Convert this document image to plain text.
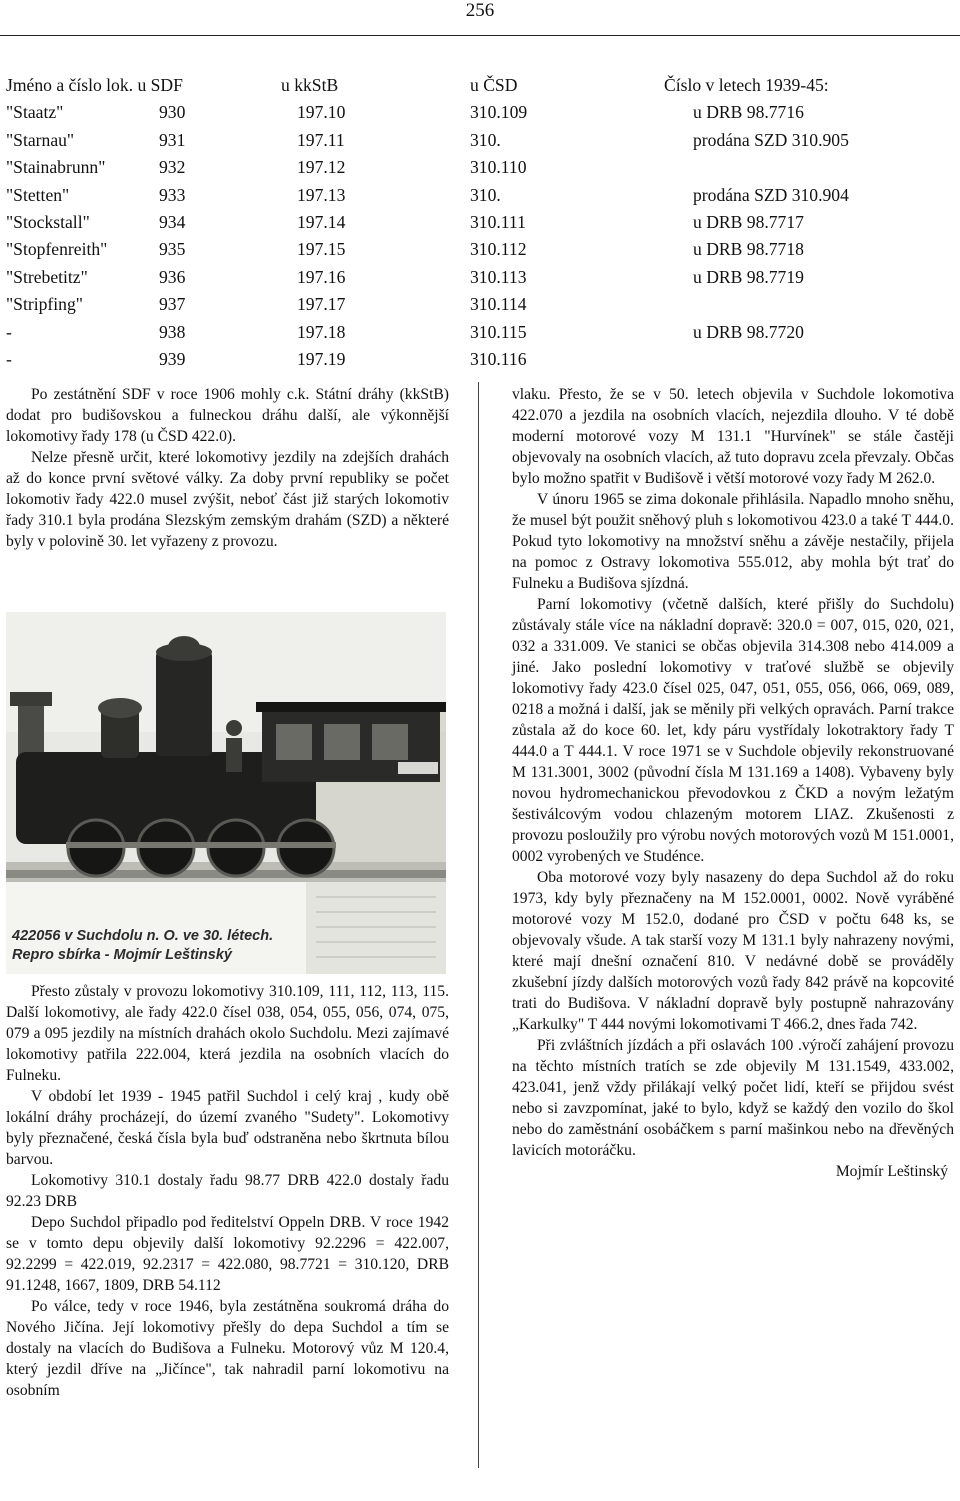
256
Jméno a číslo lok. u SDF	u kkStB	u ČSD	Číslo v letech 1939-45:
"Staatz"	930	197.10	310.109	u DRB 98.7716
"Starnau"	931	197.11	310.	prodána SZD 310.905
"Stainabrunn"	932	197.12	310.110
"Stetten"	933	197.13	310.	prodána SZD 310.904
"Stockstall"	934	197.14	310.111	u DRB 98.7717
"Stopfenreith"	935	197.15	310.112	u DRB 98.7718
"Strebetitz"	936	197.16	310.113	u DRB 98.7719
"Stripfing"	937	197.17	310.114
-	938	197.18	310.115	u DRB 98.7720
-	939	197.19	310.116

Po zestátnění SDF v roce 1906 mohly c.k. Státní dráhy (kkStB) dodat pro budišovskou a fulneckou dráhu další, ale výkonnější lokomotivy řady 178 (u ČSD 422.0).

Nelze přesně určit, které lokomotivy jezdily na zdejších drahách až do konce první světové války. Za doby první republiky se počet lokomotiv řady 422.0 musel zvýšit, neboť část již starých lokomotiv řady 310.1 byla prodána Slezským zemským drahám (SZD) a některé byly v polovině 30. let vyřazeny z provozu.

422056 v Suchdolu n. O. ve 30. létech.
Repro sbírka - Mojmír Leštinský

Přesto zůstaly v provozu lokomotivy 310.109, 111, 112, 113, 115. Další lokomotivy, ale řady 422.0 čísel 038, 054, 055, 056, 074, 075, 079 a 095 jezdily na místních drahách okolo Suchdolu. Mezi zajímavé lokomotivy patřila 222.004, která jezdila na osobních vlacích do Fulneku.

V období let 1939 - 1945 patřil Suchdol i celý kraj , kudy obě lokální dráhy procházejí, do území zvaného "Sudety". Lokomotivy byly přeznačené, česká čísla byla buď odstraněna nebo škrtnuta bílou barvou.

Lokomotivy 310.1 dostaly řadu 98.77 DRB 422.0 dostaly řadu 92.23 DRB

Depo Suchdol připadlo pod ředitelství Oppeln DRB. V roce 1942 se v tomto depu objevily další lokomotivy 92.2296 = 422.007, 92.2299 = 422.019, 92.2317 = 422.080, 98.7721 = 310.120, DRB 91.1248, 1667, 1809, DRB 54.112

Po válce, tedy v roce 1946, byla zestátněna soukromá dráha do Nového Jičína. Její lokomotivy přešly do depa Suchdol a tím se dostaly na vlacích do Budišova a Fulneku. Motorový vůz M 120.4, který jezdil dříve na „Jičínce", tak nahradil parní lokomotivu na osobním

vlaku. Přesto, že se v 50. letech objevila v Suchdole lokomotiva 422.070 a jezdila na osobních vlacích, nejezdila dlouho. V té době moderní motorové vozy M 131.1 "Hurvínek" se stále častěji objevovaly na osobních vlacích, až tuto dopravu zcela převzaly. Občas bylo možno spatřit v Budišově i větší motorové vozy řady M 262.0.

V únoru 1965 se zima dokonale přihlásila. Napadlo mnoho sněhu, že musel být použit sněhový pluh s lokomotivou 423.0 a také T 444.0. Pokud tyto lokomotivy na množství sněhu a závěje nestačily, přijela na pomoc z Ostravy lokomotiva 555.012, aby mohla být trať do Fulneku a Budišova sjízdná.

Parní lokomotivy (včetně dalších, které přišly do Suchdolu) zůstávaly stále více na nákladní dopravě: 320.0 = 007, 015, 020, 021, 032 a 331.009. Ve stanici se občas objevila 314.308 nebo 414.009 a jiné. Jako poslední lokomotivy v traťové službě se objevily lokomotivy řady 423.0 čísel 025, 047, 051, 055, 056, 066, 069, 089, 0218 a možná i další, jak se měnily při velkých opravách. Parní trakce zůstala až do koce 60. let, kdy páru vystřídaly lokotraktory řady T 444.0 a T 444.1. V roce 1971 se v Suchdole objevily rekonstruované M 131.3001, 3002 (původní čísla M 131.169 a 1408). Vybaveny byly novou hydromechanickou převodovkou z ČKD a novým ležatým šestiválcovým vodou chlazeným motorem LIAZ. Zkušenosti z provozu posloužily pro výrobu nových motorových vozů M 151.0001, 0002 vyrobených ve Studénce.

Oba motorové vozy byly nasazeny do depa Suchdol až do roku 1973, kdy byly přeznačeny na M 152.0001, 0002. Nově vyráběné motorové vozy M 152.0, dodané pro ČSD v počtu 648 ks, se objevovaly všude. A tak starší vozy M 131.1 byly nahrazeny novými, které mají dnešní označení 810. V nedávné době se prováděly zkušební jízdy dalších motorových vozů řady 842 právě na kopcovité trati do Budišova. V nákladní dopravě byly postupně nahrazovány „Karkulky" T 444 novými lokomotivami T 466.2, dnes řada 742.

Při zvláštních jízdách a při oslavách 100 .výročí zahájení provozu na těchto místních tratích se zde objevily M 131.1549, 433.002, 423.041, jenž vždy přilákají velký počet lidí, kteří se přijdou svést nebo si zavzpomínat, jaké to bylo, když se každý den vozilo do škol nebo do zaměstnání osobáčkem s parní mašinkou nebo na dřevěných lavicích motoráčku.

Mojmír Leštinský
